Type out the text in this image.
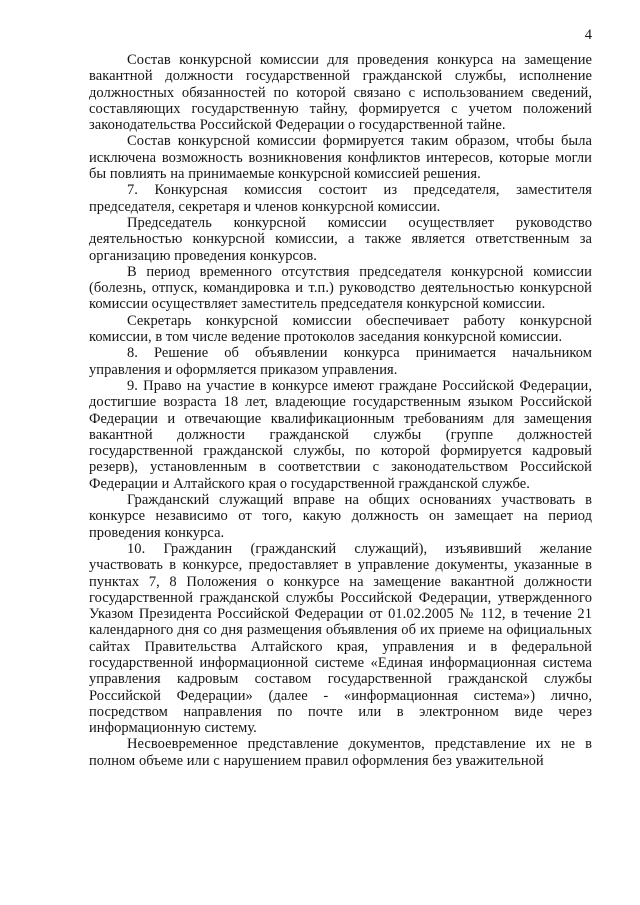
4

Состав конкурсной комиссии для проведения конкурса на замещение вакантной должности государственной гражданской службы, исполнение должностных обязанностей по которой связано с использованием сведений, составляющих государственную тайну, формируется с учетом положений законодательства Российской Федерации о государственной тайне.

Состав конкурсной комиссии формируется таким образом, чтобы была исключена возможность возникновения конфликтов интересов, которые могли бы повлиять на принимаемые конкурсной комиссией решения.

7. Конкурсная комиссия состоит из председателя, заместителя председателя, секретаря и членов конкурсной комиссии.

Председатель конкурсной комиссии осуществляет руководство деятельностью конкурсной комиссии, а также является ответственным за организацию проведения конкурсов.

В период временного отсутствия председателя конкурсной комиссии (болезнь, отпуск, командировка и т.п.) руководство деятельностью конкурсной комиссии осуществляет заместитель председателя конкурсной комиссии.

Секретарь конкурсной комиссии обеспечивает работу конкурсной комиссии, в том числе ведение протоколов заседания конкурсной комиссии.

8. Решение об объявлении конкурса принимается начальником управления и оформляется приказом управления.

9. Право на участие в конкурсе имеют граждане Российской Федерации, достигшие возраста 18 лет, владеющие государственным языком Российской Федерации и отвечающие квалификационным требованиям для замещения вакантной должности гражданской службы (группе должностей государственной гражданской службы, по которой формируется кадровый резерв), установленным в соответствии с законодательством Российской Федерации и Алтайского края о государственной гражданской службе.

Гражданский служащий вправе на общих основаниях участвовать в конкурсе независимо от того, какую должность он замещает на период проведения конкурса.

10. Гражданин (гражданский служащий), изъявивший желание участвовать в конкурсе, предоставляет в управление документы, указанные в пунктах 7, 8 Положения о конкурсе на замещение вакантной должности государственной гражданской службы Российской Федерации, утвержденного Указом Президента Российской Федерации от 01.02.2005 № 112, в течение 21 календарного дня со дня размещения объявления об их приеме на официальных сайтах Правительства Алтайского края, управления и в федеральной государственной информационной системе «Единая информационная система управления кадровым составом государственной гражданской службы Российской Федерации» (далее - «информационная система») лично, посредством направления по почте или в электронном виде через информационную систему.

Несвоевременное представление документов, представление их не в полном объеме или с нарушением правил оформления без уважительной
